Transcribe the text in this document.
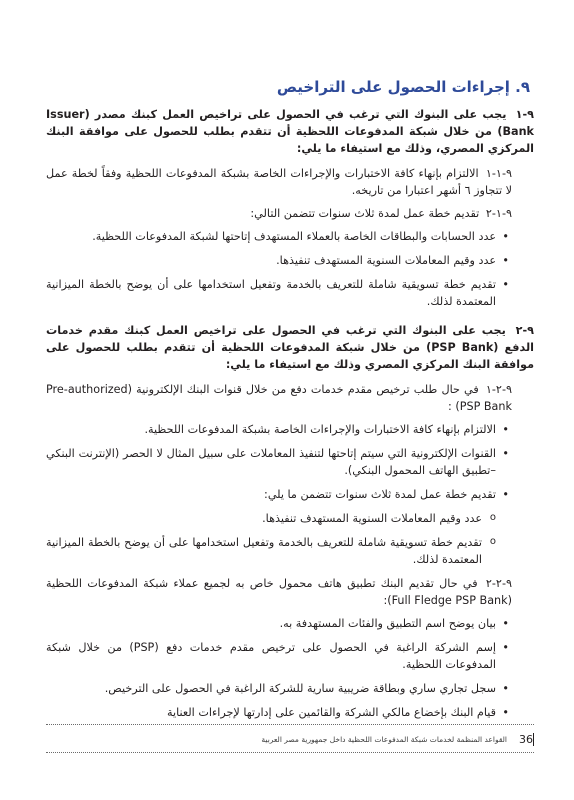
٩. إجراءات الحصول على التراخيص

٩-١ يجب على البنوك التي ترغب في الحصول على تراخيص العمل كبنك مصدر (Issuer Bank) من خلال شبكة المدفوعات اللحظية أن تتقدم بطلب للحصول على موافقة البنك المركزي المصري، وذلك مع استيفاء ما يلي:

٩-١-١ الالتزام بإنهاء كافة الاختبارات والإجراءات الخاصة بشبكة المدفوعات اللحظية وفقاً لخطة عمل لا تتجاوز ٦ أشهر اعتبارا من تاريخه.

٩-١-٢ تقديم خطة عمل لمدة ثلاث سنوات تتضمن التالي:

• عدد الحسابات والبطاقات الخاصة بالعملاء المستهدف إتاحتها لشبكة المدفوعات اللحظية.
• عدد وقيم المعاملات السنوية المستهدف تنفيذها.
• تقديم خطة تسويقية شاملة للتعريف بالخدمة وتفعيل استخدامها على أن يوضح بالخطة الميزانية المعتمدة لذلك.

٩-٢ يجب على البنوك التي ترغب في الحصول على تراخيص العمل كبنك مقدم خدمات الدفع (PSP Bank) من خلال شبكة المدفوعات اللحظية أن تتقدم بطلب للحصول على موافقة البنك المركزي المصري وذلك مع استيفاء ما يلي:

٩-٢-١ في حال طلب ترخيص مقدم خدمات دفع من خلال قنوات البنك الإلكترونية (Pre-authorized PSP Bank) :

• الالتزام بإنهاء كافة الاختبارات والإجراءات الخاصة بشبكة المدفوعات اللحظية.
• القنوات الإلكترونية التي سيتم إتاحتها لتنفيذ المعاملات على سبيل المثال لا الحصر (الإنترنت البنكي –تطبيق الهاتف المحمول البنكي).
• تقديم خطة عمل لمدة ثلاث سنوات تتضمن ما يلي:
o عدد وقيم المعاملات السنوية المستهدف تنفيذها.
o تقديم خطة تسويقية شاملة للتعريف بالخدمة وتفعيل استخدامها على أن يوضح بالخطة الميزانية المعتمدة لذلك.

٩-٢-٢ في حال تقديم البنك تطبيق هاتف محمول خاص به لجميع عملاء شبكة المدفوعات اللحظية (Full Fledge PSP Bank):

• بيان يوضح اسم التطبيق والفئات المستهدفة به.
• إسم الشركة الراغبة في الحصول على ترخيص مقدم خدمات دفع (PSP) من خلال شبكة المدفوعات اللحظية.
• سجل تجاري ساري وبطاقة ضريبية سارية للشركة الراغبة في الحصول على الترخيص.
• قيام البنك بإخضاع مالكي الشركة والقائمين على إدارتها لإجراءات العناية
القواعد المنظمة لخدمات شبكة المدفوعات اللحظية داخل جمهورية مصر العربية	36
